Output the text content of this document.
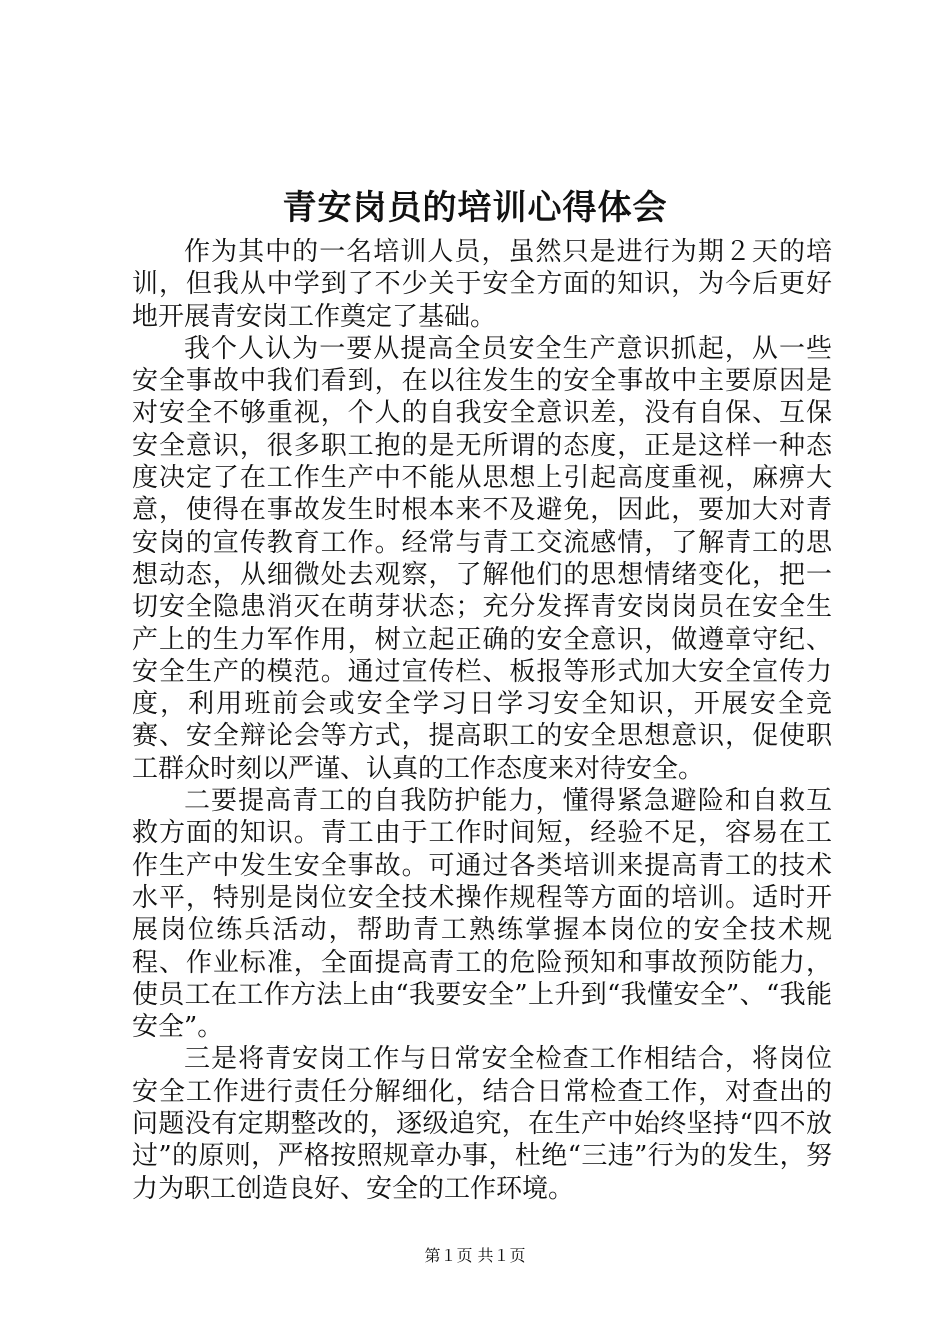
青安岗员的培训心得体会

作为其中的一名培训人员，虽然只是进行为期２天的培训，但我从中学到了不少关于安全方面的知识，为今后更好地开展青安岗工作奠定了基础。

我个人认为一要从提高全员安全生产意识抓起，从一些安全事故中我们看到，在以往发生的安全事故中主要原因是对安全不够重视，个人的自我安全意识差，没有自保、互保安全意识，很多职工抱的是无所谓的态度，正是这样一种态度决定了在工作生产中不能从思想上引起高度重视，麻痹大意，使得在事故发生时根本来不及避免，因此，要加大对青安岗的宣传教育工作。经常与青工交流感情，了解青工的思想动态，从细微处去观察，了解他们的思想情绪变化，把一切安全隐患消灭在萌芽状态；充分发挥青安岗岗员在安全生产上的生力军作用，树立起正确的安全意识，做遵章守纪、安全生产的模范。通过宣传栏、板报等形式加大安全宣传力度，利用班前会或安全学习日学习安全知识，开展安全竞赛、安全辩论会等方式，提高职工的安全思想意识，促使职工群众时刻以严谨、认真的工作态度来对待安全。

二要提高青工的自我防护能力，懂得紧急避险和自救互救方面的知识。青工由于工作时间短，经验不足，容易在工作生产中发生安全事故。可通过各类培训来提高青工的技术水平，特别是岗位安全技术操作规程等方面的培训。适时开展岗位练兵活动，帮助青工熟练掌握本岗位的安全技术规程、作业标准，全面提高青工的危险预知和事故预防能力，使员工在工作方法上由“我要安全”上升到“我懂安全”、“我能安全”。

三是将青安岗工作与日常安全检查工作相结合，将岗位安全工作进行责任分解细化，结合日常检查工作，对查出的问题没有定期整改的，逐级追究，在生产中始终坚持“四不放过”的原则，严格按照规章办事，杜绝“三违”行为的发生，努力为职工创造良好、安全的工作环境。

第１页 共１页
